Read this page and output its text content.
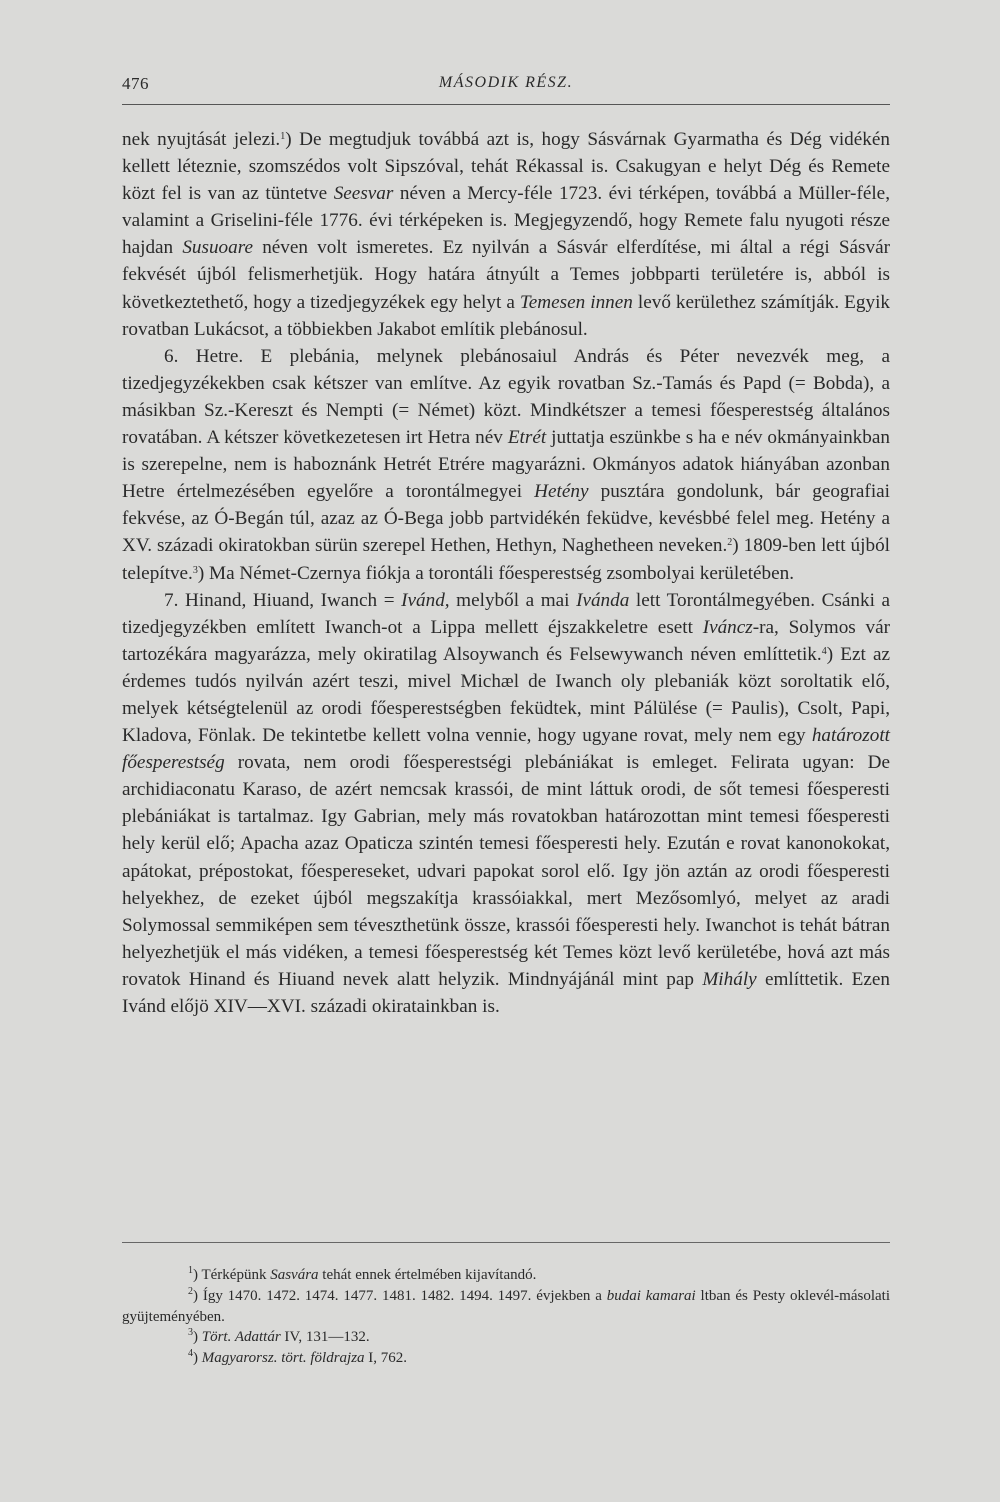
476	MÁSODIK RÉSZ.

nek nyujtását jelezi.$^1$) De megtudjuk továbbá azt is, hogy Sásvárnak Gyarmatha és Dég vidékén kellett léteznie, szomszédos volt Sipszóval, tehát Rékassal is. Csakugyan e helyt Dég és Remete közt fel is van az tüntetve Seesvar néven a Mercy-féle 1723. évi térképen, továbbá a Müller-féle, valamint a Griselini-féle 1776. évi térképeken is. Megjegyzendő, hogy Remete falu nyugoti része hajdan Susuoare néven volt ismeretes. Ez nyilván a Sásvár elferdítése, mi által a régi Sásvár fekvését újból felismerhetjük. Hogy határa átnyúlt a Temes jobbparti területére is, abból is következtethető, hogy a tizedjegyzékek egy helyt a Temesen innen levő kerülethez számítják. Egyik rovatban Lukácsot, a többiekben Jakabot említik plebánosul.

6. Hetre. E plebánia, melynek plebánosaiul András és Péter nevezvék meg, a tizedjegyzékekben csak kétszer van említve. Az egyik rovatban Sz.-Tamás és Papd (= Bobda), a másikban Sz.-Kereszt és Nempti (= Német) közt. Mindkétszer a temesi főesperestség általános rovatában. A kétszer következetesen irt Hetra név Etrét juttatja eszünkbe s ha e név okmányainkban is szerepelne, nem is haboznánk Hetrét Etrére magyarázni. Okmányos adatok hiányában azonban Hetre értelmezésében egyelőre a torontálmegyei Hetény pusztára gondolunk, bár geografiai fekvése, az Ó-Begán túl, azaz az Ó-Bega jobb partvidékén feküdve, kevésbbé felel meg. Hetény a XV. századi okiratokban sürün szerepel Hethen, Hethyn, Naghetheen neveken.$^2$) 1809-ben lett újból telepítve.$^3$) Ma Német-Czernya fiókja a torontáli főesperestség zsombolyai kerületében.

7. Hinand, Hiuand, Iwanch = Ivánd, melyből a mai Ivánda lett Torontálmegyében. Csánki a tizedjegyzékben említett Iwanch-ot a Lippa mellett éjszakkeletre esett Iváncz-ra, Solymos vár tartozékára magyarázza, mely okiratilag Alsoywanch és Felsewywanch néven említtetik.$^4$) Ezt az érdemes tudós nyilván azért teszi, mivel Michæl de Iwanch oly plebaniák közt soroltatik elő, melyek kétségtelenül az orodi főesperestségben feküdtek, mint Pálülése (= Paulis), Csolt, Papi, Kladova, Fönlak. De tekintetbe kellett volna vennie, hogy ugyane rovat, mely nem egy határozott főesperestség rovata, nem orodi főesperestségi plebániákat is emleget. Felirata ugyan: De archidiaconatu Karaso, de azért nemcsak krassói, de mint láttuk orodi, de sőt temesi főesperesti plebániákat is tartalmaz. Igy Gabrian, mely más rovatokban határozottan mint temesi főesperesti hely kerül elő; Apacha azaz Opaticza szintén temesi főesperesti hely. Ezután e rovat kanonokokat, apátokat, prépostokat, főespereseket, udvari papokat sorol elő. Igy jön aztán az orodi főesperesti helyekhez, de ezeket újból megszakítja krassóiakkal, mert Mezősomlyó, melyet az aradi Solymossal semmiképen sem téveszthetünk össze, krassói főesperesti hely. Iwanchot is tehát bátran helyezhetjük el más vidéken, a temesi főesperestség két Temes közt levő kerületébe, hová azt más rovatok Hinand és Hiuand nevek alatt helyzik. Mindnyájánál mint pap Mihály említtetik. Ezen Ivánd előjö XIV—XVI. századi okiratainkban is.

$^1$) Térképünk Sasvára tehát ennek értelmében kijavítandó.

$^2$) Így 1470. 1472. 1474. 1477. 1481. 1482. 1494. 1497. évjekben a budai kamarai ltban és Pesty oklevél-másolati gyüjteményében.

$^3$) Tört. Adattár IV, 131—132.

$^4$) Magyarorsz. tört. földrajza I, 762.
